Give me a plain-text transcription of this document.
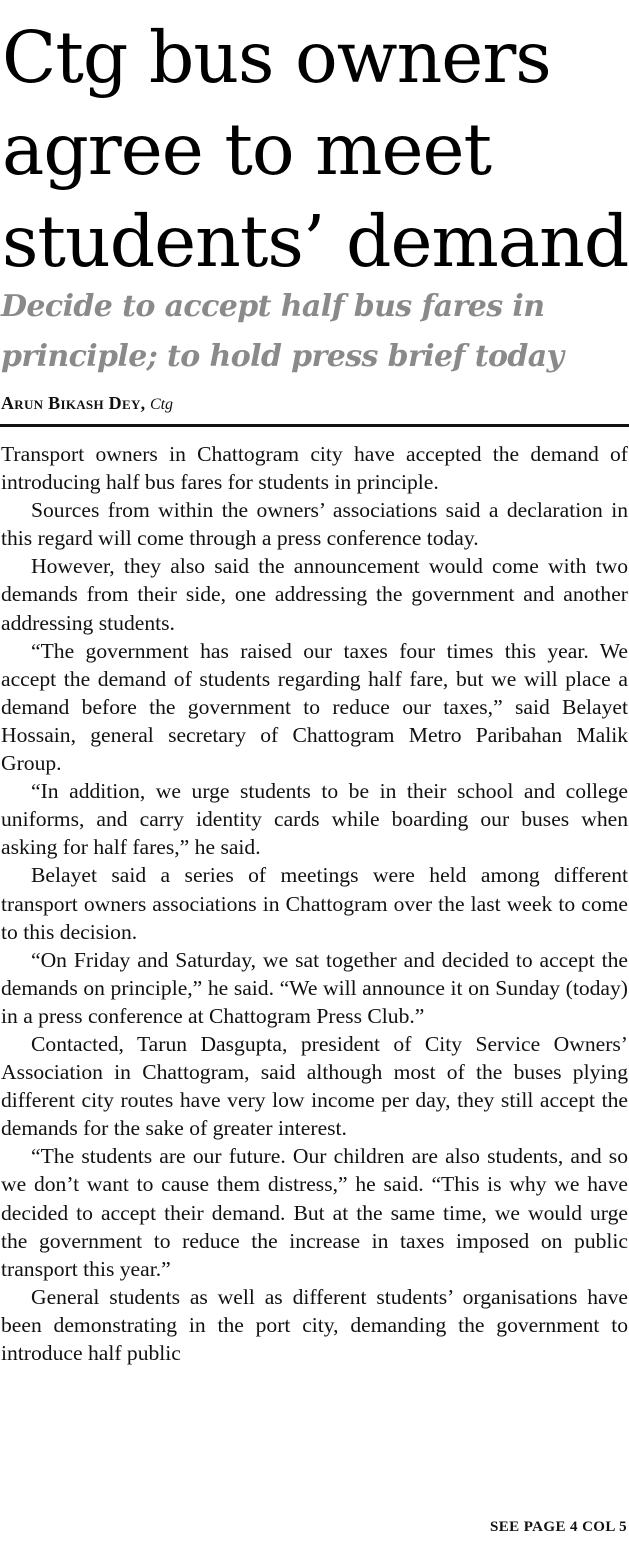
Ctg bus owners
agree to meet
students’ demand
Decide to accept half bus fares in
principle; to hold press brief today
Arun Bikash Dey, Ctg

Transport owners in Chattogram city have accepted the demand of introducing half bus fares for students in principle.

Sources from within the owners’ associations said a declaration in this regard will come through a press conference today.

However, they also said the announcement would come with two demands from their side, one addressing the government and another addressing students.

“The government has raised our taxes four times this year. We accept the demand of students regarding half fare, but we will place a demand before the government to reduce our taxes,” said Belayet Hossain, general secretary of Chattogram Metro Paribahan Malik Group.

“In addition, we urge students to be in their school and college uniforms, and carry identity cards while boarding our buses when asking for half fares,” he said.

Belayet said a series of meetings were held among different transport owners associations in Chattogram over the last week to come to this decision.

“On Friday and Saturday, we sat together and decided to accept the demands on principle,” he said. “We will announce it on Sunday (today) in a press conference at Chattogram Press Club.”

Contacted, Tarun Dasgupta, president of City Service Owners’ Association in Chattogram, said although most of the buses plying different city routes have very low income per day, they still accept the demands for the sake of greater interest.

“The students are our future. Our children are also students, and so we don’t want to cause them distress,” he said. “This is why we have decided to accept their demand. But at the same time, we would urge the government to reduce the increase in taxes imposed on public transport this year.”

General students as well as different students’ organisations have been demonstrating in the port city, demanding the government to introduce half public

SEE PAGE 4 COL 5
